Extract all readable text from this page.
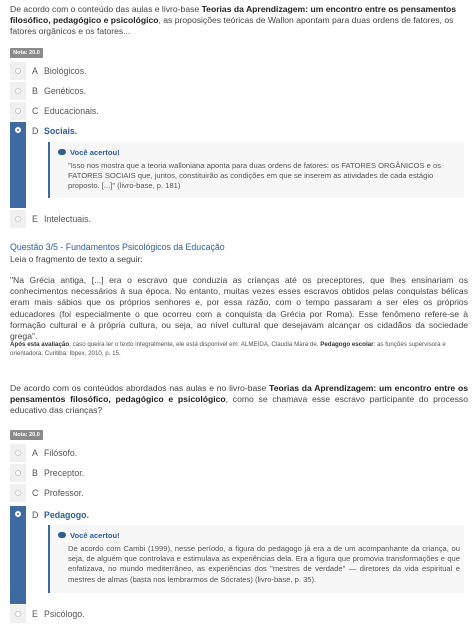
De acordo com o conteúdo das aulas e livro-base Teorias da Aprendizagem: um encontro entre os pensamentos filosófico, pedagógico e psicológico, as proposições teóricas de Wallon apontam para duas ordens de fatores, os fatores orgânicos e os fatores...

Nota: 20.0
A Biológicos.
B Genéticos.
C Educacionais.
D Sociais.
Você acertou!
"Isso nos mostra que a teoria walloniana aponta para duas ordens de fatores: os FATORES ORGÂNICOS e os FATORES SOCIAIS que, juntos, constituirão as condições em que se inserem as atividades de cada estágio proposto. [...]" (livro-base, p. 181)
E Intelectuais.
Questão 3/5 - Fundamentos Psicológicos da Educação

Leia o fragmento de texto a seguir:

"Na Grécia antiga, [...] era o escravo que conduzia as crianças até os preceptores, que lhes ensinariam os conhecimentos necessários à sua época. No entanto, muitas vezes esses escravos obtidos pelas conquistas bélicas eram mais sábios que os próprios senhores e, por essa razão, com o tempo passaram a ser eles os próprios educadores (foi especialmente o que ocorreu com a conquista da Grécia por Roma). Esse fenômeno refere-se à formação cultural e à própria cultura, ou seja, ao nível cultural que desejavam alcançar os cidadãos da sociedade grega".

Após esta avaliação, caso queira ler o texto integralmente, ele está disponível em: ALMEIDA, Claudia Mara de. Pedagogo escolar: as funções supervisora e orientadora. Curitiba: Ibpex, 2010, p. 15.

De acordo com os conteúdos abordados nas aulas e no livro-base Teorias da Aprendizagem: um encontro entre os pensamentos filosófico, pedagógico e psicológico, como se chamava esse escravo participante do processo educativo das crianças?

Nota: 20.0
A Filósofo.
B Preceptor.
C Professor.
D Pedagogo.
Você acertou!
De acordo com Cambi (1999), nesse período, a figura do pedagogo já era a de um acompanhante da criança, ou seja, de alguém que controlava e estimulava as experiências dela. Era a figura que promovia transformações e que enfatizava, no mundo mediterrâneo, as experiências dos "mestres de verdade" — diretores da vida espiritual e mestres de almas (basta nos lembrarmos de Sócrates) (livro-base, p. 35).
E Psicólogo.
